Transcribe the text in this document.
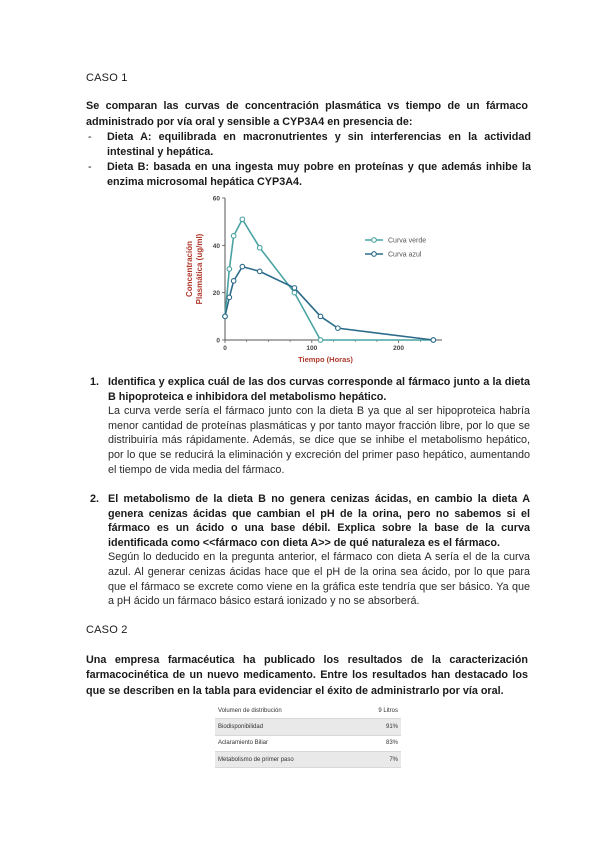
CASO 1
Se comparan las curvas de concentración plasmática vs tiempo de un fármaco administrado por vía oral y sensible a CYP3A4 en presencia de:
- Dieta A: equilibrada en macronutrientes y sin interferencias en la actividad intestinal y hepática.
- Dieta B: basada en una ingesta muy pobre en proteínas y que además inhibe la enzima microsomal hepática CYP3A4.
0
20
40
60
0	100	200
Curva verde
Curva azul
ConcentraciónPlasmática (ug/ml)
Tiempo (Horas)
1. Identifica y explica cuál de las dos curvas corresponde al fármaco junto a la dieta B hipoproteica e inhibidora del metabolismo hepático.
La curva verde sería el fármaco junto con la dieta B ya que al ser hipoproteica habría menor cantidad de proteínas plasmáticas y por tanto mayor fracción libre, por lo que se distribuiría más rápidamente. Además, se dice que se inhibe el metabolismo hepático, por lo que se reducirá la eliminación y excreción del primer paso hepático, aumentando el tiempo de vida media del fármaco.
2. El metabolismo de la dieta B no genera cenizas ácidas, en cambio la dieta A genera cenizas ácidas que cambian el pH de la orina, pero no sabemos si el fármaco es un ácido o una base débil. Explica sobre la base de la curva identificada como <<fármaco con dieta A>> de qué naturaleza es el fármaco.
Según lo deducido en la pregunta anterior, el fármaco con dieta A sería el de la curva azul. Al generar cenizas ácidas hace que el pH de la orina sea ácido, por lo que para que el fármaco se excrete como viene en la gráfica este tendría que ser básico. Ya que a pH ácido un fármaco básico estará ionizado y no se absorberá.
CASO 2
Una empresa farmacéutica ha publicado los resultados de la caracterización farmacocinética de un nuevo medicamento. Entre los resultados han destacado los que se describen en la tabla para evidenciar el éxito de administrarlo por vía oral.
Volumen de distribución	9 Litros
Biodisponibilidad	91%
Aclaramiento Biliar	83%
Metabolismo de primer paso	7%
